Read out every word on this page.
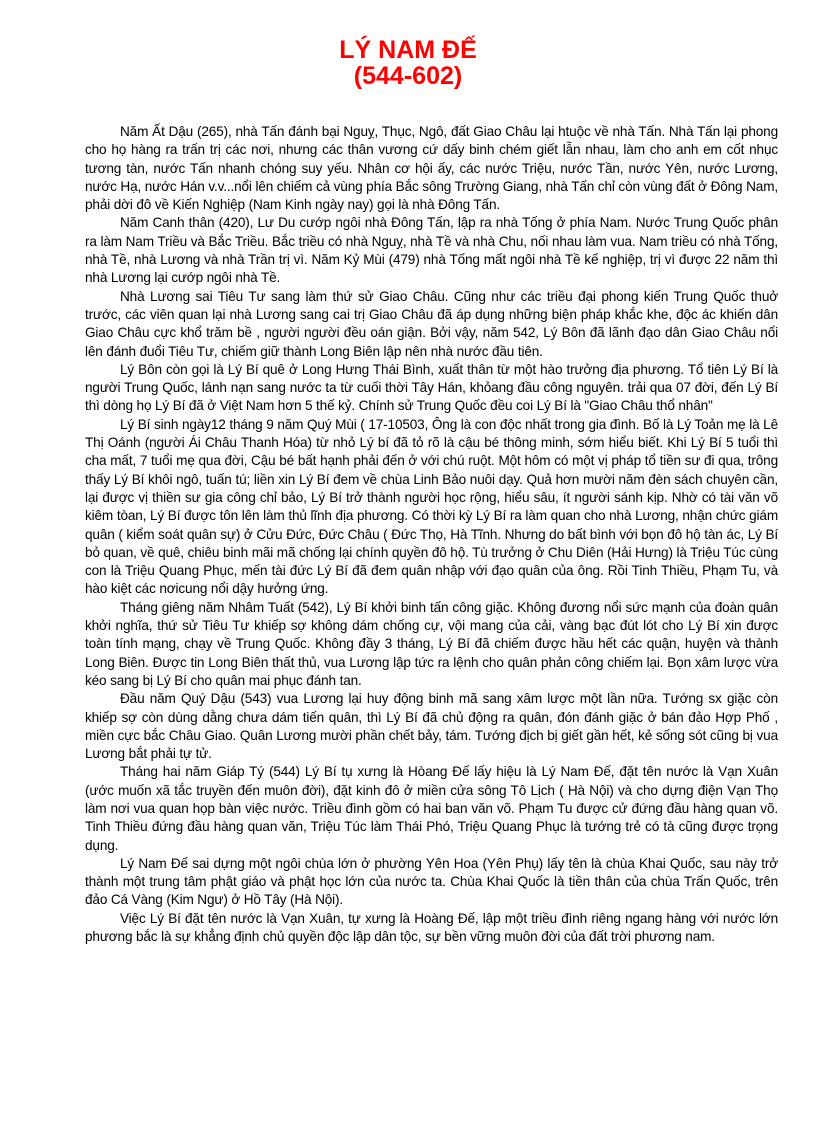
LÝ NAM ĐẾ
(544-602)

Năm Ất Dậu (265), nhà Tấn đánh bại Nguỵ, Thục, Ngô, đất Giao Châu lại htuộc về nhà Tấn. Nhà Tấn lại phong cho họ hàng ra trấn trị các nơi, nhưng các thân vương cứ dấy binh chém giết lẫn nhau, làm cho anh em cốt nhục tương tàn, nước Tấn nhanh chóng suy yếu. Nhân cơ hội ấy, các nước Triệu, nước Tần, nước Yên, nước Lương, nước Hạ, nước Hán v.v...nổi lên chiếm cả vùng phía Bắc sông Trường Giang, nhà Tấn chỉ còn vùng đất ở Đông Nam, phải dời đô về Kiến Nghiệp (Nam Kinh ngày nay) gọi là nhà Đông Tấn.

Năm Canh thân (420), Lư Du cướp ngôi nhà Đông Tấn, lập ra nhà Tống ở phía Nam. Nước Trung Quốc phân ra làm Nam Triều và Bắc Triều. Bắc triều có nhà Nguỵ, nhà Tề và nhà Chu, nối nhau làm vua. Nam triều có nhà Tống, nhà Tề, nhà Lương và nhà Trần trị vì. Năm Kỷ Mùi (479) nhà Tống mất ngôi nhà Tề kế nghiệp, trị vì được 22 năm thì nhà Lương lại cướp ngôi nhà Tề.

Nhà Lương sai Tiêu Tư sang làm thứ sử Giao Châu. Cũng như các triều đại phong kiến Trung Quốc thuở trước, các viên quan lại nhà Lương sang cai trị Giao Châu đã áp dụng những biện pháp khắc khe, độc ác khiến dân Giao Châu cực khổ trăm bề , người người đều oán giận. Bởi vậy, năm 542, Lý Bôn đã lãnh đạo dân Giao Châu nổi lên đánh đuổi Tiêu Tư, chiếm giữ thành Long Biên lập nên nhà nước đầu tiên.

Lý Bôn còn gọi là Lý Bí quê ở Long Hưng Thái Bình, xuất thân từ một hào trưởng địa phương. Tổ tiên Lý Bí là người Trung Quốc, lánh nạn sang nước ta từ cuối thời Tây Hán, khỏang đầu công nguyên. trải qua 07 đời, đến Lý Bí thì dòng họ Lý Bí đã ở Việt Nam hơn 5 thế kỷ. Chính sử Trung Quốc đều coi Lý Bí là "Giao Châu thổ nhân"

Lý Bí sinh ngày12 tháng 9 năm Quý Mùi ( 17-10503, Ông là con độc nhất trong gia đình. Bố là Lý Toản mẹ là Lê Thị Oánh (người Ái Châu Thanh Hóa) từ nhỏ Lý bí đã tỏ rõ là cậu bé thông minh, sớm hiểu biết. Khi Lý Bí 5 tuổi thì cha mất, 7 tuổi mẹ qua đời, Cậu bé bất hạnh phải đến ở với chú ruột. Một hôm có một vị pháp tổ tiền sư đi qua, trông thấy Lý Bí khôi ngô, tuấn tú; liền xin Lý Bí đem về chùa Linh Bảo nuôi dạy. Quả hơn mười năm đèn sách chuyên cần, lại được vị thiền sư gia công chỉ bảo, Lý Bí trở thành người học rộng, hiểu sâu, ít người sánh kịp. Nhờ có tài văn võ kiêm tòan, Lý Bí được tôn lên làm thủ lĩnh địa phương. Có thời kỳ Lý Bí ra làm quan cho nhà Lương, nhận chức giám quân ( kiểm soát quân sự) ở Cửu Đức, Đức Châu ( Đức Thọ, Hà Tĩnh. Nhưng do bất bình với bọn đô hộ tàn ác, Lý Bí bỏ quan, về quê, chiêu binh mãi mã chống lại chính quyền đô hộ. Tù trưởng ở Chu Diên (Hải Hưng) là Triệu Túc cùng con là Triệu Quang Phục, mến tài đức Lý Bí đã đem quân nhập với đạo quân của ông. Rồi Tinh Thiều, Phạm Tu, và hào kiệt các nơicung nổi dậy hưởng ứng.

Tháng giêng năm Nhâm Tuất (542), Lý Bí khởi binh tấn công giặc. Không đương nổi sức mạnh của đoàn quân khởi nghĩa, thứ sử Tiêu Tư khiếp sợ không dám chống cự, vội mang của cải, vàng bạc đút lót cho Lý Bí xin được toàn tính mạng, chạy về Trung Quốc. Không đầy 3 tháng, Lý Bí đã chiếm được hầu hết các quận, huyện và thành Long Biên. Được tin Long Biên thất thủ, vua Lương lập tức ra lệnh cho quân phản công chiếm lại. Bọn xâm lược vừa kéo sang bị Lý Bí cho quân mai phục đánh tan.

Đầu năm Quý Dậu (543) vua Lương lại huy động binh mã sang xâm lược một lần nữa. Tướng sx giặc còn khiếp sợ còn dùng dằng chưa dám tiến quân, thì Lý Bí đã chủ động ra quân, đón đánh giặc ở bán đảo Hợp Phố , miền cực bắc Châu Giao. Quân Lương mười phần chết bảy, tám. Tướng địch bị giết gần hết, kẻ sống sót cũng bị vua Lương bắt phải tự tử.

Tháng hai năm Giáp Tý (544) Lý Bí tụ xưng là Hòang Đế lấy hiệu là Lý Nam Đế, đặt tên nước là Vạn Xuân (ước muốn xã tắc truyền đến muôn đời), đặt kinh đô ở miền cửa sông Tô Lịch ( Hà Nội) và cho dựng điện Vạn Thọ làm nơi vua quan họp bàn việc nước. Triều đình gồm có hai ban văn võ. Phạm Tu được cử đứng đầu hàng quan võ. Tinh Thiều đứng đầu hàng quan văn, Triệu Túc làm Thái Phó, Triệu Quang Phục là tướng trẻ có tà cũng được trọng dụng.

Lý Nam Đế sai dựng một ngôi chùa lớn ở phường Yên Hoa (Yên Phụ) lấy tên là chùa Khai Quốc, sau này trở thành một trung tâm phật giáo và phật học lớn của nước ta. Chùa Khai Quốc là tiền thân của chùa Trấn Quốc, trên đảo Cá Vàng (Kim Ngư) ở Hồ Tây (Hà Nội).

Việc Lý Bí đặt tên nước là Vạn Xuân, tự xưng là Hoàng Đế, lập một triều đình riêng ngang hàng với nước lớn phương bắc là sự khẳng định chủ quyền độc lập dân tộc, sự bền vững muôn đời của đất trời phương nam.
